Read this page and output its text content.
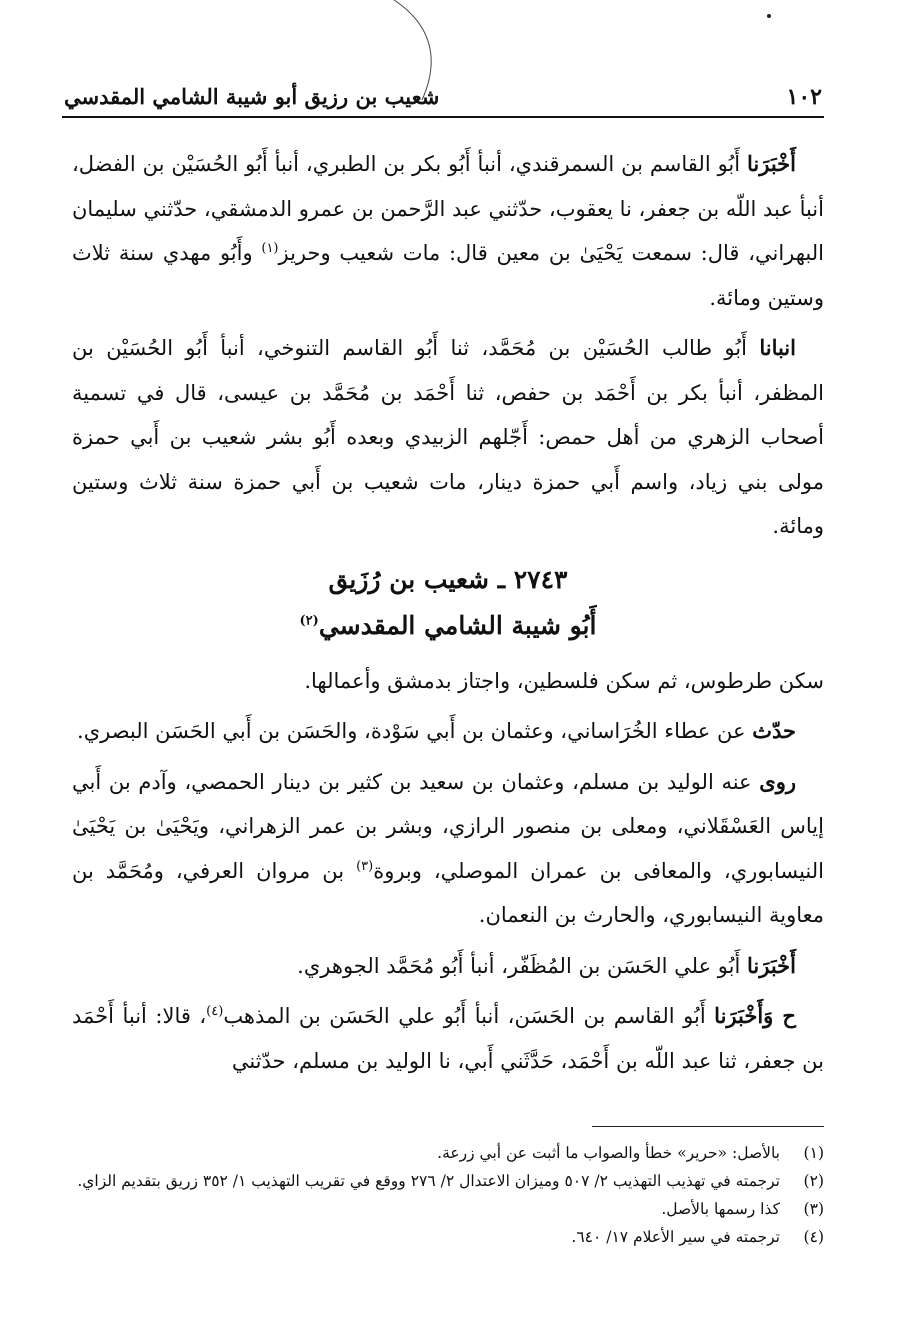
١٠٢
شعيب بن رزيق أبو شيبة الشامي المقدسي

أَخْبَرَنا أَبُو القاسم بن السمرقندي، أنبأ أَبُو بكر بن الطبري، أنبأ أَبُو الحُسَيْن بن الفضل، أنبأ عبد اللّه بن جعفر، نا يعقوب، حدّثني عبد الرَّحمن بن عمرو الدمشقي، حدّثني سليمان البهراني، قال: سمعت يَحْيَىٰ بن معين قال: مات شعيب وحريز$^{(١)}$ وأَبُو مهدي سنة ثلاث وستين ومائة.

انبانا أَبُو طالب الحُسَيْن بن مُحَمَّد، ثنا أَبُو القاسم التنوخي، أنبأ أَبُو الحُسَيْن بن المظفر، أنبأ بكر بن أَحْمَد بن حفص، ثنا أَحْمَد بن مُحَمَّد بن عيسى، قال في تسمية أصحاب الزهري من أهل حمص: أَجّلهم الزبيدي وبعده أَبُو بشر شعيب بن أَبي حمزة مولى بني زياد، واسم أَبي حمزة دينار، مات شعيب بن أَبي حمزة سنة ثلاث وستين ومائة.

٢٧٤٣ ـ شعيب بن رُزَيق
أَبُو شيبة الشامي المقدسي$^{(٢)}$

سكن طرطوس، ثم سكن فلسطين، واجتاز بدمشق وأعمالها.

حدّث عن عطاء الخُرَاساني، وعثمان بن أَبي سَوْدة، والحَسَن بن أَبي الحَسَن البصري.

روى عنه الوليد بن مسلم، وعثمان بن سعيد بن كثير بن دينار الحمصي، وآدم بن أَبي إياس العَسْقَلاني، ومعلى بن منصور الرازي، وبشر بن عمر الزهراني، ويَحْيَىٰ بن يَحْيَىٰ النيسابوري، والمعافى بن عمران الموصلي، وبروة$^{(٣)}$ بن مروان العرفي، ومُحَمَّد بن معاوية النيسابوري، والحارث بن النعمان.

أَخْبَرَنا أَبُو علي الحَسَن بن المُظَفّر، أنبأ أَبُو مُحَمَّد الجوهري.

ح وَأَخْبَرَنا أَبُو القاسم بن الحَسَن، أنبأ أَبُو علي الحَسَن بن المذهب$^{(٤)}$، قالا: أنبأ أَحْمَد بن جعفر، ثنا عبد اللّه بن أَحْمَد، حَدَّثَني أَبي، نا الوليد بن مسلم، حدّثني

(١)
بالأصل: «حرير» خطأ والصواب ما أثبت عن أبي زرعة.
(٢)
ترجمته في تهذيب التهذيب ٢/ ٥٠٧ وميزان الاعتدال ٢/ ٢٧٦ ووقع في تقريب التهذيب ١/ ٣٥٢ زريق بتقديم الزاي.
(٣)
كذا رسمها بالأصل.
(٤)
ترجمته في سير الأعلام ١٧/ ٦٤٠.
